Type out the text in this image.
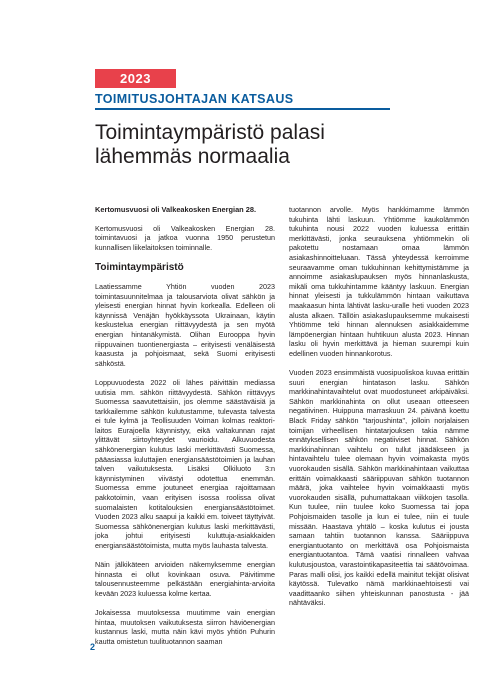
2023
TOIMITUSJOHTAJAN KATSAUS
Toimintaympäristö palasi lähemmäs normaalia

Kertomusvuosi oli Valkeakosken Energian 28.

Kertomusvuosi oli Valkeakosken Energian 28. toimintavuosi ja jatkoa vuonna 1950 perustetun kunnallisen liikelaitoksen toiminnalle.

Toimintaympäristö

Laatiessamme Yhtiön vuoden 2023 toimintasuunnitelmaa ja talousarviota olivat sähkön ja yleisesti energian hinnat hyvin korkealla. Edelleen oli käynnissä Venäjän hyökkäyssota Ukrainaan, käytin keskustelua energian riittävyydestä ja sen myötä energian hintanäkymistä. Olihan Eurooppa hyvin riippuvainen tuontienergiasta – erityisesti venäläisestä kaasusta ja pohjoismaat, sekä Suomi erityisesti sähköstä.

Loppuvuodesta 2022 oli lähes päivittäin mediassa uutisia mm. sähkön riittävyydestä. Sähkön riittävyys Suomessa saavutettaisiin, jos olemme säästäväisiä ja tarkkailemme sähkön kulutustamme, tulevasta talvesta ei tule kylmä ja Teollisuuden Voiman kolmas reaktori-laitos Eurajoella käynnistyy, eikä valtakunnan rajat ylittävät siirtoyhteydet vaurioidu. Alkuvuodesta sähkönenergian kulutus laski merkittävästi Suomessa, pääasiassa kuluttajien energiansäästötoimien ja lauhan talven vaikutuksesta. Lisäksi Olkiluoto 3:n käynnistyminen viivästyi odotettua enemmän. Suomessa emme joutuneet energiaa rajoittamaan pakkotoimin, vaan erityisen isossa roolissa olivat suomalaisten kotitalouksien energiansäästötoimet. Vuoden 2023 alku saapui ja kaikki em. toiveet täyttyivät. Suomessa sähkönenergian kulutus laski merkittävästi, joka johtui erityisesti kuluttuja-asiakkaiden energiansäästötoimista, mutta myös lauhasta talvesta.

Näin jälkikäteen arvioiden näkemyksemme energian hinnasta ei ollut kovinkaan osuva. Päivitimme talousennusteemme pelkästään energiahinta-arvioita kevään 2023 kuluessa kolme kertaa.

Jokaisessa muutoksessa muutimme vain energian hintaa, muutoksen vaikutuksesta siirron häviöenergian kustannus laski, mutta näin kävi myös yhtiön Puhurin kautta omistetun tuulituotannon saaman

tuotannon arvolle. Myös hankkimamme lämmön tukuhinta lähti laskuun. Yhtiömme kaukolämmön tukuhinta nousi 2022 vuoden kuluessa erittäin merkittävästi, jonka seurauksena yhtiömmekin oli pakotettu nostamaan omaa lämmön asiakashinnoitteluaan. Tässä yhteydessä kerroimme seuraavamme oman tukkuhinnan kehittymistämme ja annoimme asiakaslupauksen myös hinnanlaskusta, mikäli oma tukkuhintamme kääntyy laskuun. Energian hinnat yleisesti ja tukkulämmön hintaan vaikuttava maakaasun hinta lähtivät lasku-uralle heti vuoden 2023 alusta alkaen. Tällöin asiakaslupauksemme mukaisesti Yhtiömme teki hinnan alennuksen asiakkaidemme lämpöenergian hintaan huhtikuun alusta 2023. Hinnan lasku oli hyvin merkittävä ja hieman suurempi kuin edellinen vuoden hinnankorotus.

Vuoden 2023 ensimmäistä vuosipuoliskoa kuvaa erittäin suuri energian hintatason lasku. Sähkön markkinahintavaihtelut ovat muodostuneet arkipäiväksi. Sähkön markkinahinta on ollut useaan otteeseen negatiivinen. Huippuna marraskuun 24. päivänä koettu Black Friday sähkön "tarjoushinta", jolloin norjalaisen toimijan virheellisen hintatarjouksen takia nämme ennätyksellisen sähkön negatiiviset hinnat. Sähkön markkinahinnan vaihtelu on tullut jäädäkseen ja hintavaihtelu tulee olemaan hyvin voimakasta myös vuorokauden sisällä. Sähkön markkinahintaan vaikuttaa erittäin voimakkaasti sääriippuvan sähkön tuotannon määrä, joka vaihtelee hyvin voimakkaasti myös vuorokauden sisällä, puhumattakaan viikkojen tasolla. Kun tuulee, niin tuulee koko Suomessa tai jopa Pohjoismaiden tasolle ja kun ei tulee, niin ei tuule missään. Haastava yhtälö – koska kulutus ei jousta samaan tahtiin tuotannon kanssa. Sääriippuva energiantuotanto on merkittävä osa Pohjoismaista energiantuotantoa. Tämä vaatisi rinnalleen vahvaa kulutusjoustoa, varastointikapasiteettia tai säätövoimaa. Paras malli olisi, jos kaikki edellä mainitut tekijät olisivat käytössä. Tulevatko nämä markkinaehtoisesti vai vaadittaanko siihen yhteiskunnan panostusta - jää nähtäväksi.

2
